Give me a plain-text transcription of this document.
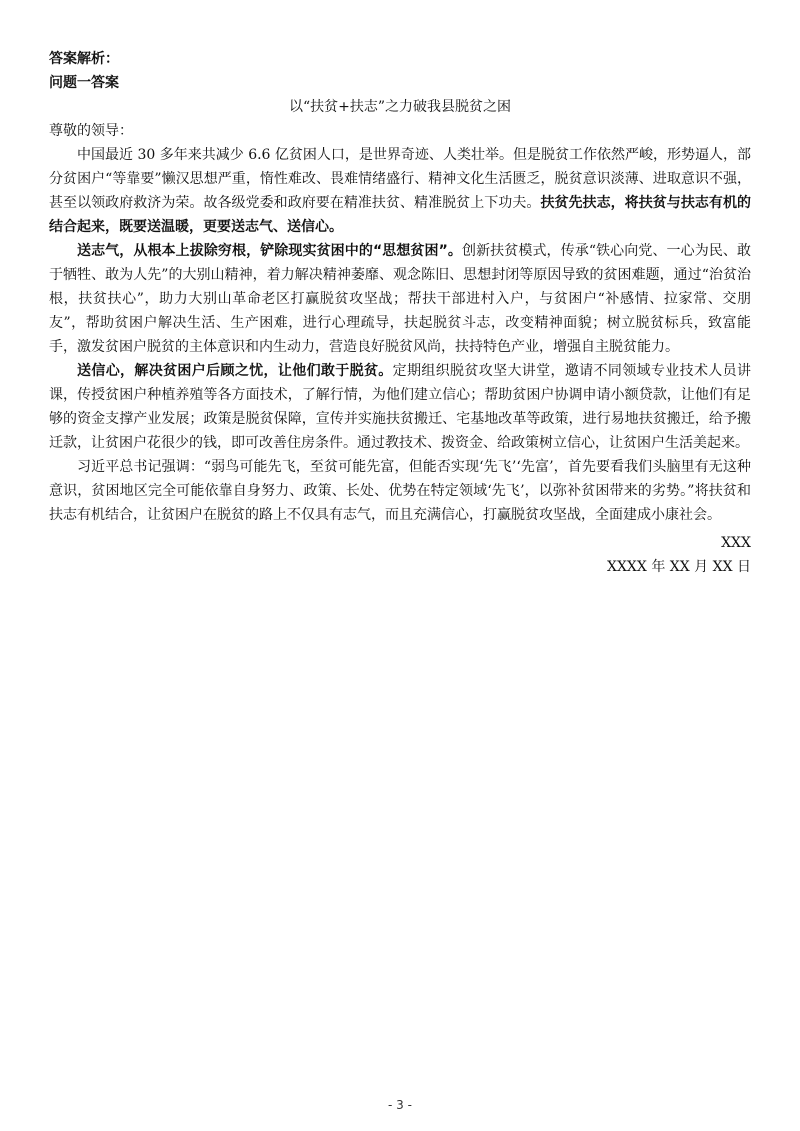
答案解析：
问题一答案
以“扶贫+扶志”之力破我县脱贫之困
尊敬的领导：

中国最近 30 多年来共减少 6.6 亿贫困人口，是世界奇迹、人类壮举。但是脱贫工作依然严峻，形势逼人，部分贫困户“等靠要”懒汉思想严重，惰性难改、畏难情绪盛行、精神文化生活匮乏，脱贫意识淡薄、进取意识不强，甚至以领政府救济为荣。故各级党委和政府要在精准扶贫、精准脱贫上下功夫。扶贫先扶志，将扶贫与扶志有机的结合起来，既要送温暖，更要送志气、送信心。

送志气，从根本上拔除穷根，铲除现实贫困中的“思想贫困”。创新扶贫模式，传承“铁心向党、一心为民、敢于牺牲、敢为人先”的大别山精神，着力解决精神萎靡、观念陈旧、思想封闭等原因导致的贫困难题，通过“治贫治根，扶贫扶心”，助力大别山革命老区打赢脱贫攻坚战；帮扶干部进村入户，与贫困户“补感情、拉家常、交朋友”，帮助贫困户解决生活、生产困难，进行心理疏导，扶起脱贫斗志，改变精神面貌；树立脱贫标兵，致富能手，激发贫困户脱贫的主体意识和内生动力，营造良好脱贫风尚，扶持特色产业，增强自主脱贫能力。

送信心，解决贫困户后顾之忧，让他们敢于脱贫。定期组织脱贫攻坚大讲堂，邀请不同领域专业技术人员讲课，传授贫困户种植养殖等各方面技术，了解行情，为他们建立信心；帮助贫困户协调申请小额贷款，让他们有足够的资金支撑产业发展；政策是脱贫保障，宣传并实施扶贫搬迁、宅基地改革等政策，进行易地扶贫搬迁，给予搬迁款，让贫困户花很少的钱，即可改善住房条件。通过教技术、拨资金、给政策树立信心，让贫困户生活美起来。

习近平总书记强调：“弱鸟可能先飞，至贫可能先富，但能否实现‘先飞’‘先富’，首先要看我们头脑里有无这种意识，贫困地区完全可能依靠自身努力、政策、长处、优势在特定领域‘先飞’，以弥补贫困带来的劣势。”将扶贫和扶志有机结合，让贫困户在脱贫的路上不仅具有志气，而且充满信心，打赢脱贫攻坚战，全面建成小康社会。

XXX
XXXX 年 XX 月 XX 日
- 3 -
